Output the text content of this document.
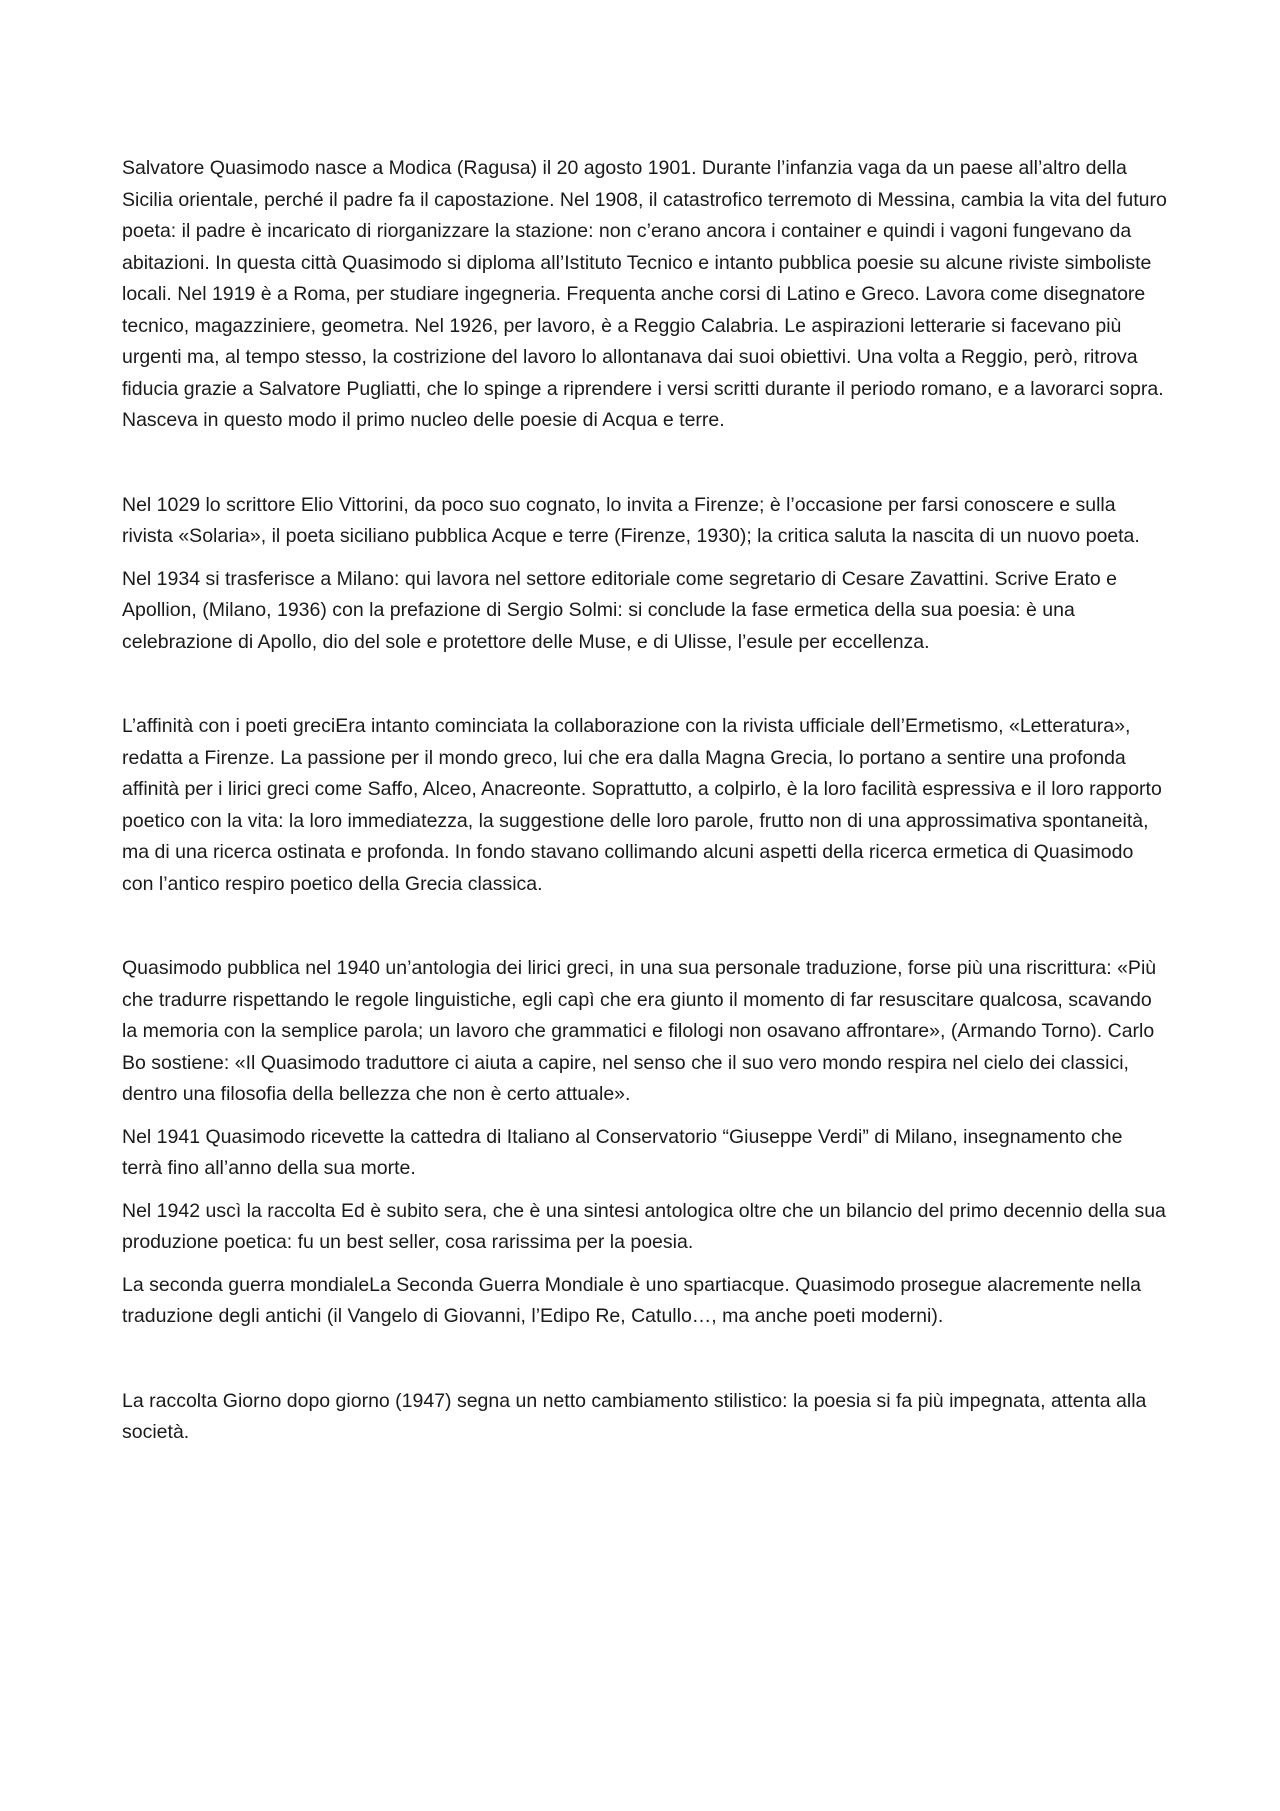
Salvatore Quasimodo nasce a Modica (Ragusa) il 20 agosto 1901. Durante l’infanzia vaga da un paese all’altro della Sicilia orientale, perché il padre fa il capostazione. Nel 1908, il catastrofico terremoto di Messina, cambia la vita del futuro poeta: il padre è incaricato di riorganizzare la stazione: non c’erano ancora i container e quindi i vagoni fungevano da abitazioni. In questa città Quasimodo si diploma all’Istituto Tecnico e intanto pubblica poesie su alcune riviste simboliste locali. Nel 1919 è a Roma, per studiare ingegneria. Frequenta anche corsi di Latino e Greco. Lavora come disegnatore tecnico, magazziniere, geometra. Nel 1926, per lavoro, è a Reggio Calabria. Le aspirazioni letterarie si facevano più urgenti ma, al tempo stesso, la costrizione del lavoro lo allontanava dai suoi obiettivi. Una volta a Reggio, però, ritrova fiducia grazie a Salvatore Pugliatti, che lo spinge a riprendere i versi scritti durante il periodo romano, e a lavorarci sopra. Nasceva in questo modo il primo nucleo delle poesie di Acqua e terre.

Nel 1029 lo scrittore Elio Vittorini, da poco suo cognato, lo invita a Firenze; è l’occasione per farsi conoscere e sulla rivista «Solaria», il poeta siciliano pubblica Acque e terre (Firenze, 1930); la critica saluta la nascita di un nuovo poeta.

Nel 1934 si trasferisce a Milano: qui lavora nel settore editoriale come segretario di Cesare Zavattini. Scrive Erato e Apollion, (Milano, 1936) con la prefazione di Sergio Solmi: si conclude la fase ermetica della sua poesia: è una celebrazione di Apollo, dio del sole e protettore delle Muse, e di Ulisse, l’esule per eccellenza.

L’affinità con i poeti greciEra intanto cominciata la collaborazione con la rivista ufficiale dell’Ermetismo, «Letteratura», redatta a Firenze. La passione per il mondo greco, lui che era dalla Magna Grecia, lo portano a sentire una profonda affinità per i lirici greci come Saffo, Alceo, Anacreonte. Soprattutto, a colpirlo, è la loro facilità espressiva e il loro rapporto poetico con la vita: la loro immediatezza, la suggestione delle loro parole, frutto non di una approssimativa spontaneità, ma di una ricerca ostinata e profonda. In fondo stavano collimando alcuni aspetti della ricerca ermetica di Quasimodo con l’antico respiro poetico della Grecia classica.

Quasimodo pubblica nel 1940 un’antologia dei lirici greci, in una sua personale traduzione, forse più una riscrittura: «Più che tradurre rispettando le regole linguistiche, egli capì che era giunto il momento di far resuscitare qualcosa, scavando la memoria con la semplice parola; un lavoro che grammatici e filologi non osavano affrontare», (Armando Torno). Carlo Bo sostiene: «Il Quasimodo traduttore ci aiuta a capire, nel senso che il suo vero mondo respira nel cielo dei classici, dentro una filosofia della bellezza che non è certo attuale».

Nel 1941 Quasimodo ricevette la cattedra di Italiano al Conservatorio “Giuseppe Verdi” di Milano, insegnamento che terrà fino all’anno della sua morte.

Nel 1942 uscì la raccolta Ed è subito sera, che è una sintesi antologica oltre che un bilancio del primo decennio della sua produzione poetica: fu un best seller, cosa rarissima per la poesia.

La seconda guerra mondialeLa Seconda Guerra Mondiale è uno spartiacque. Quasimodo prosegue alacremente nella traduzione degli antichi (il Vangelo di Giovanni, l’Edipo Re, Catullo…, ma anche poeti moderni).

La raccolta Giorno dopo giorno (1947) segna un netto cambiamento stilistico: la poesia si fa più impegnata, attenta alla società.
